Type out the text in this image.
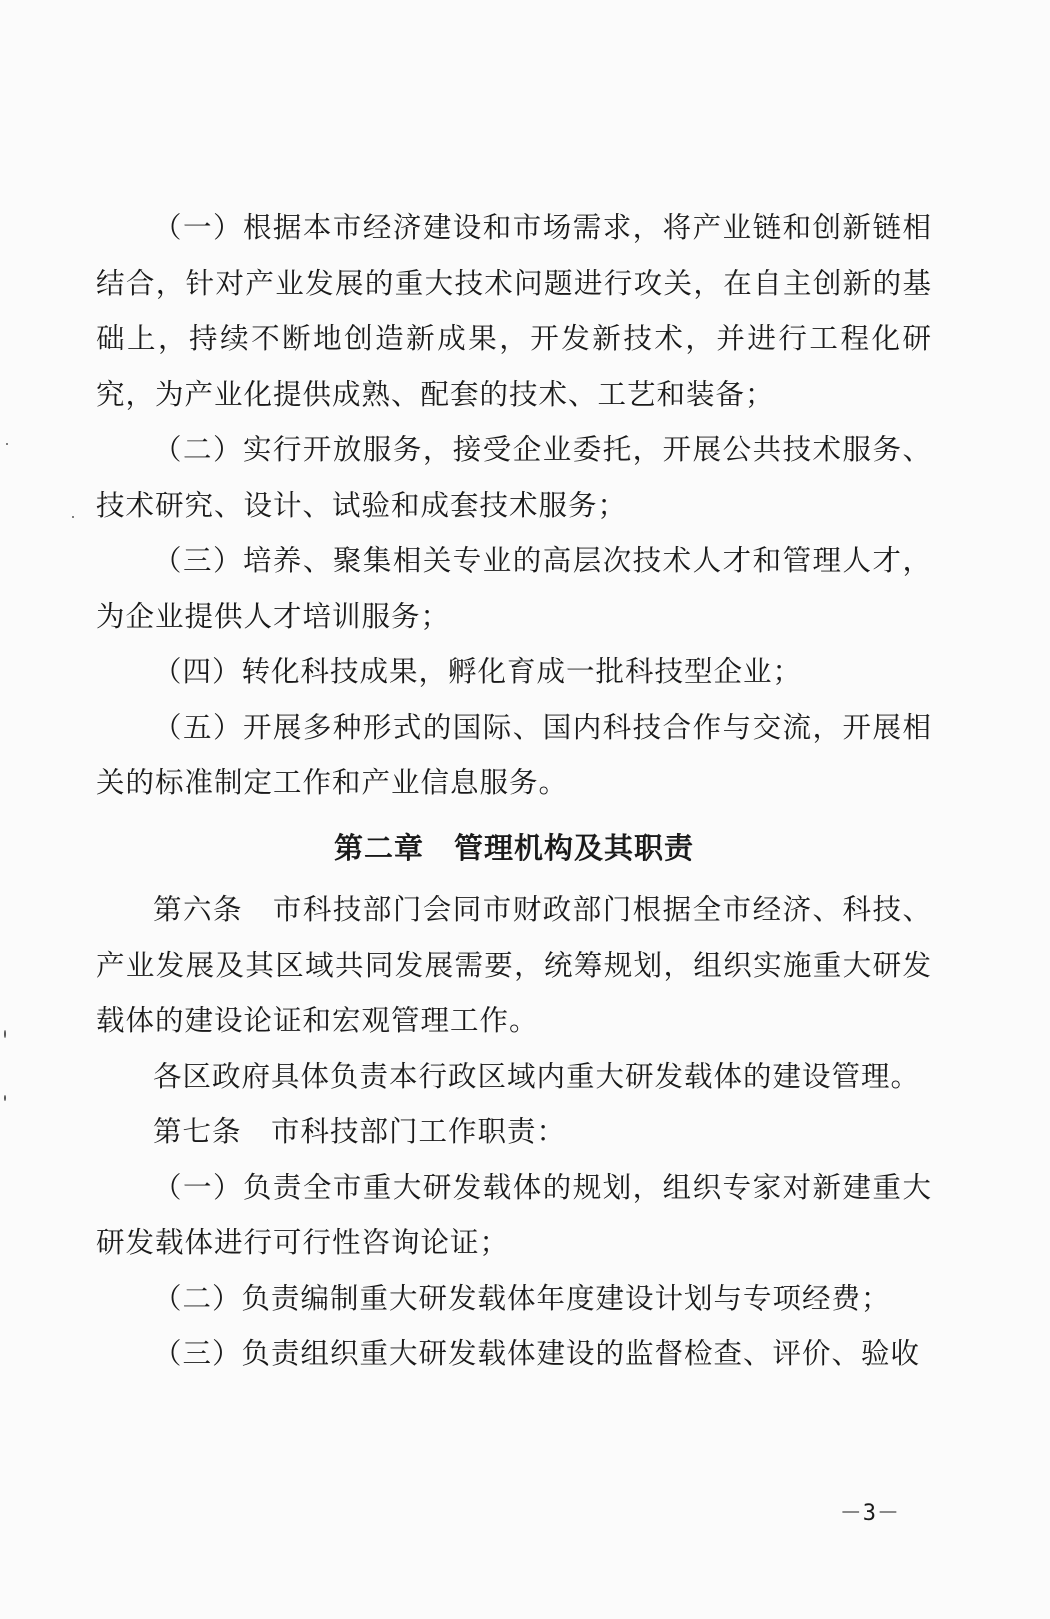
（一）根据本市经济建设和市场需求，将产业链和创新链相结合，针对产业发展的重大技术问题进行攻关，在自主创新的基础上，持续不断地创造新成果，开发新技术，并进行工程化研究，为产业化提供成熟、配套的技术、工艺和装备；

（二）实行开放服务，接受企业委托，开展公共技术服务、技术研究、设计、试验和成套技术服务；

（三）培养、聚集相关专业的高层次技术人才和管理人才，为企业提供人才培训服务；

（四）转化科技成果，孵化育成一批科技型企业；

（五）开展多种形式的国际、国内科技合作与交流，开展相关的标准制定工作和产业信息服务。

第二章　管理机构及其职责

第六条　市科技部门会同市财政部门根据全市经济、科技、产业发展及其区域共同发展需要，统筹规划，组织实施重大研发载体的建设论证和宏观管理工作。

各区政府具体负责本行政区域内重大研发载体的建设管理。

第七条　市科技部门工作职责：

（一）负责全市重大研发载体的规划，组织专家对新建重大研发载体进行可行性咨询论证；

（二）负责编制重大研发载体年度建设计划与专项经费；

（三）负责组织重大研发载体建设的监督检查、评价、验收

－3－
